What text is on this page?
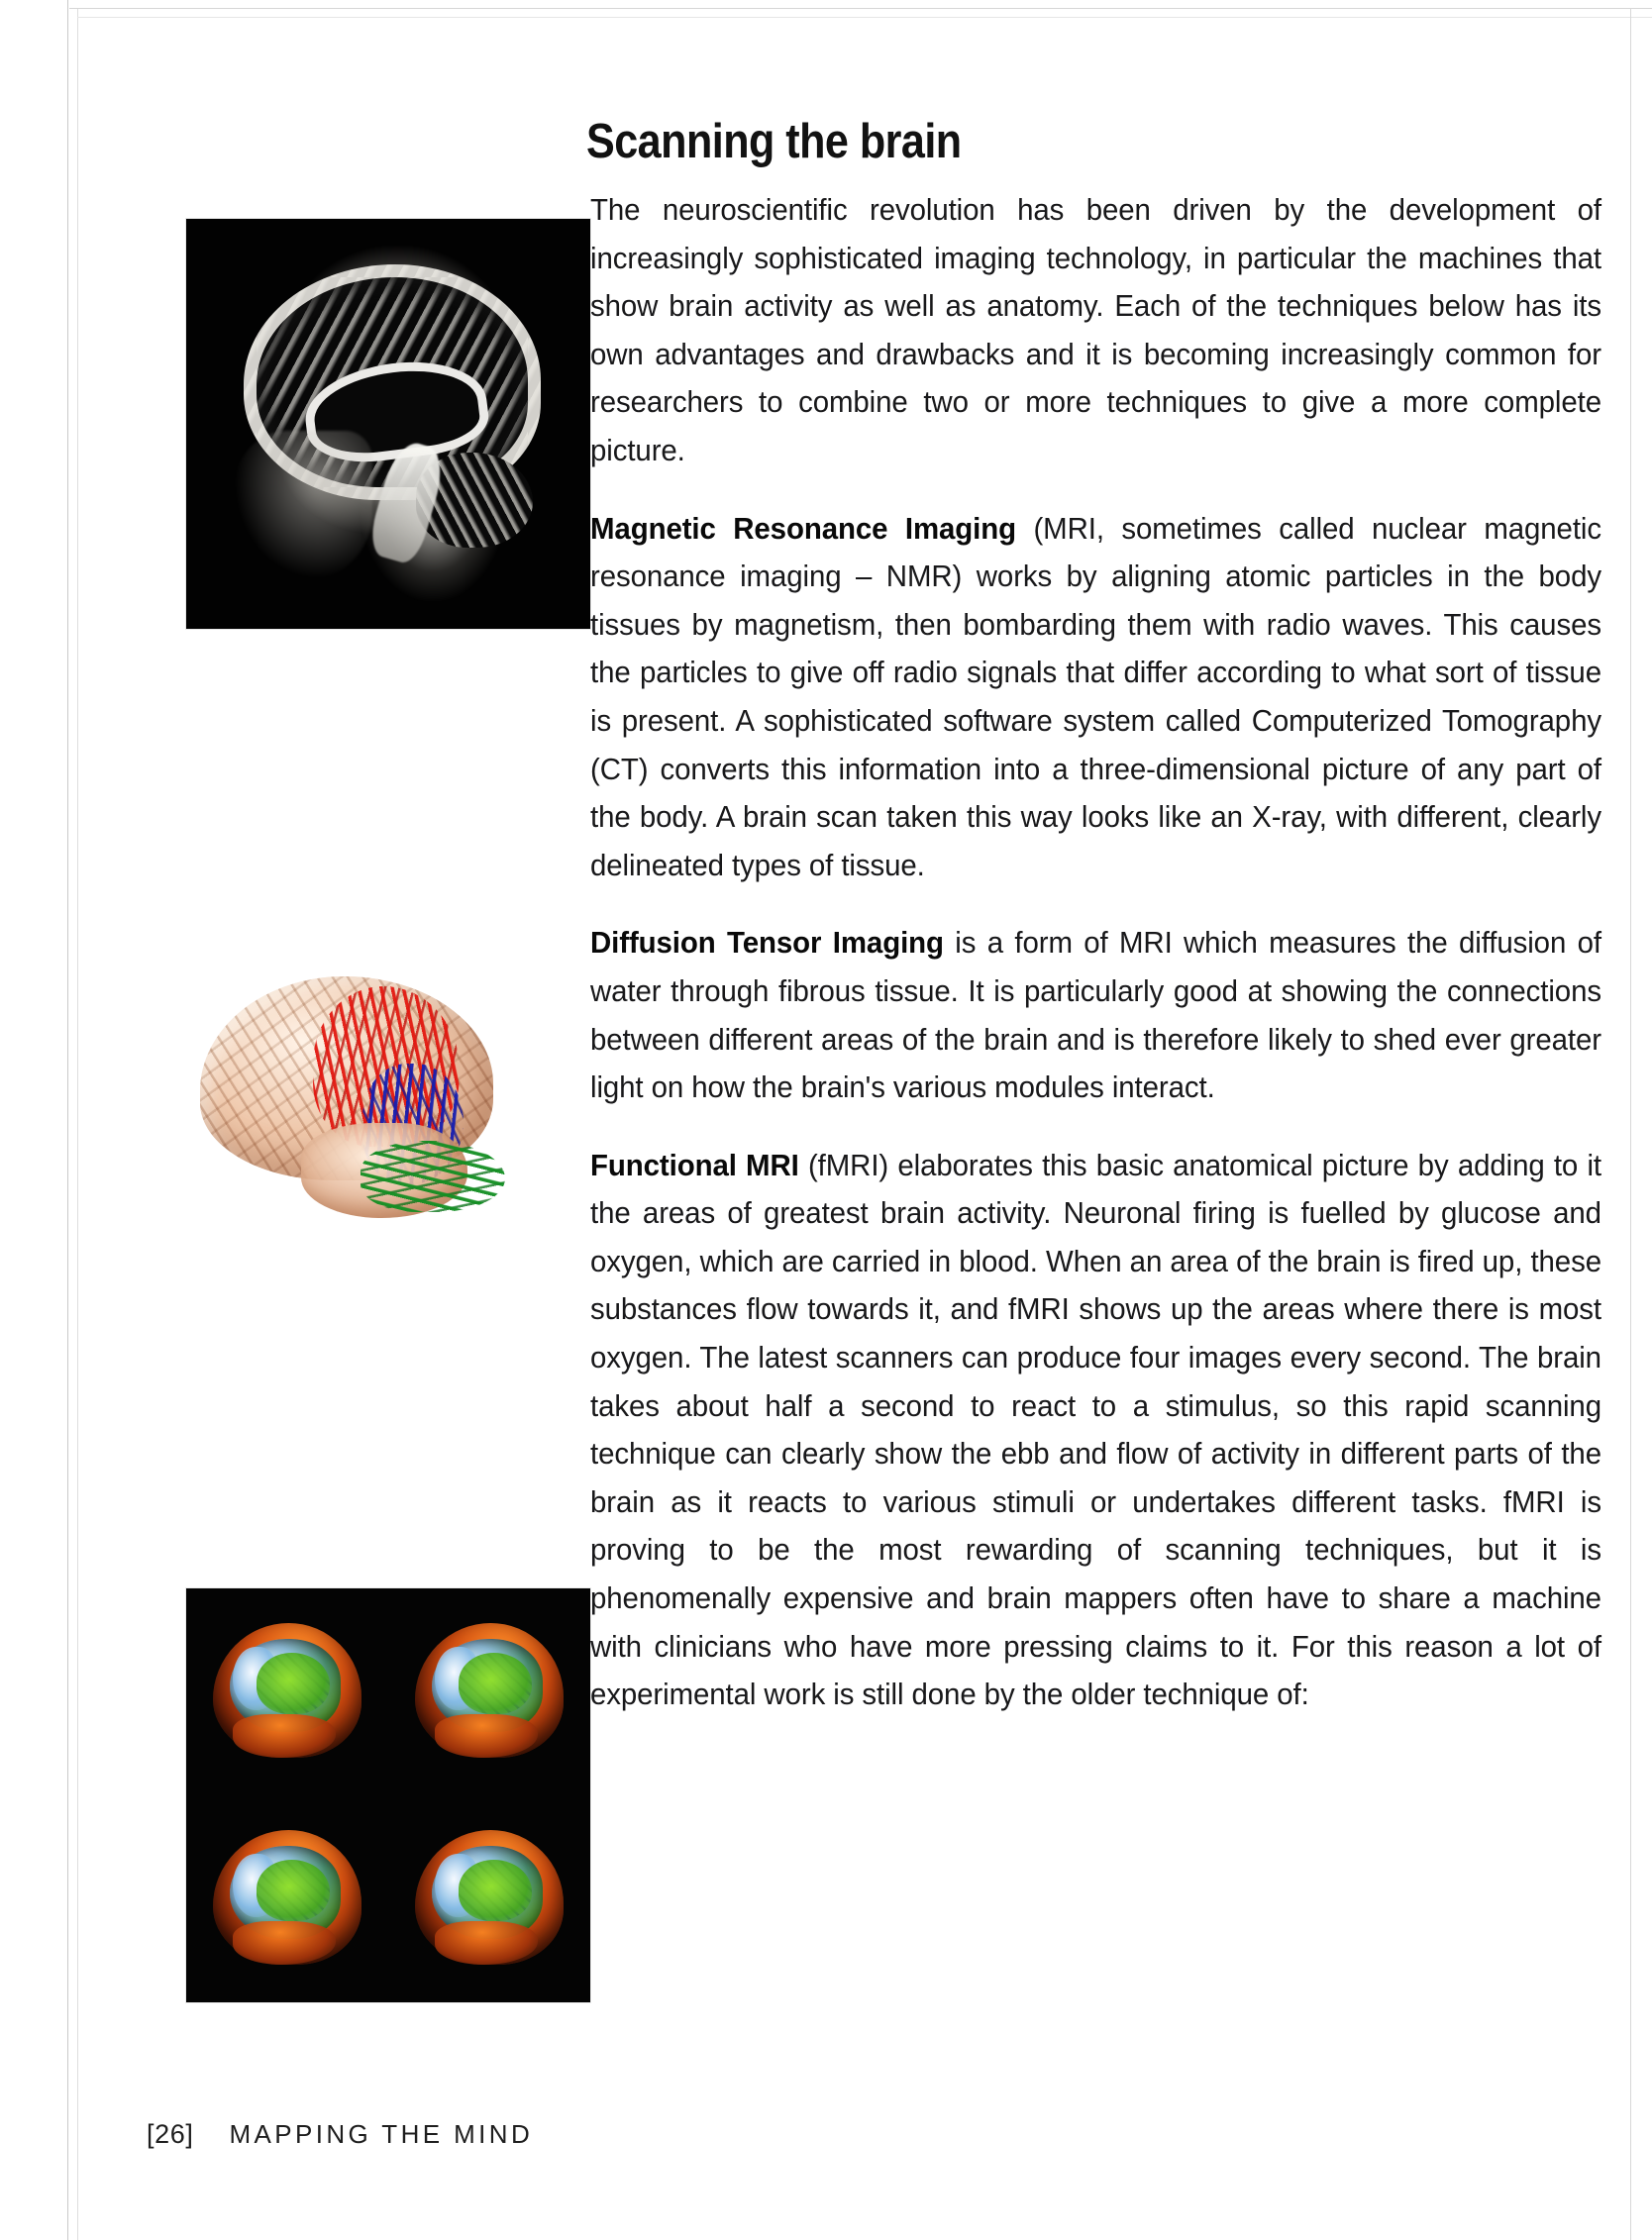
Scanning the brain

The neuroscientific revolution has been driven by the development of increasingly sophisticated imaging technology, in particular the machines that show brain activity as well as anatomy. Each of the techniques below has its own advantages and drawbacks and it is becoming increasingly common for researchers to combine two or more techniques to give a more complete picture.

Magnetic Resonance Imaging (MRI, sometimes called nuclear magnetic resonance imaging – NMR) works by aligning atomic particles in the body tissues by magnetism, then bombarding them with radio waves. This causes the particles to give off radio signals that differ according to what sort of tissue is present. A sophisticated software system called Computerized Tomography (CT) converts this information into a three-dimensional picture of any part of the body. A brain scan taken this way looks like an X-ray, with different, clearly delineated types of tissue.

Diffusion Tensor Imaging is a form of MRI which measures the diffusion of water through fibrous tissue. It is particularly good at showing the connections between different areas of the brain and is therefore likely to shed ever greater light on how the brain's various modules interact.

Functional MRI (fMRI) elaborates this basic anatomical picture by adding to it the areas of greatest brain activity. Neuronal firing is fuelled by glucose and oxygen, which are carried in blood. When an area of the brain is fired up, these substances flow towards it, and fMRI shows up the areas where there is most oxygen. The latest scanners can produce four images every second. The brain takes about half a second to react to a stimulus, so this rapid scanning technique can clearly show the ebb and flow of activity in different parts of the brain as it reacts to various stimuli or undertakes different tasks. fMRI is proving to be the most rewarding of scanning techniques, but it is phenomenally expensive and brain mappers often have to share a machine with clinicians who have more pressing claims to it. For this reason a lot of experimental work is still done by the older technique of:

[26] MAPPING THE MIND
